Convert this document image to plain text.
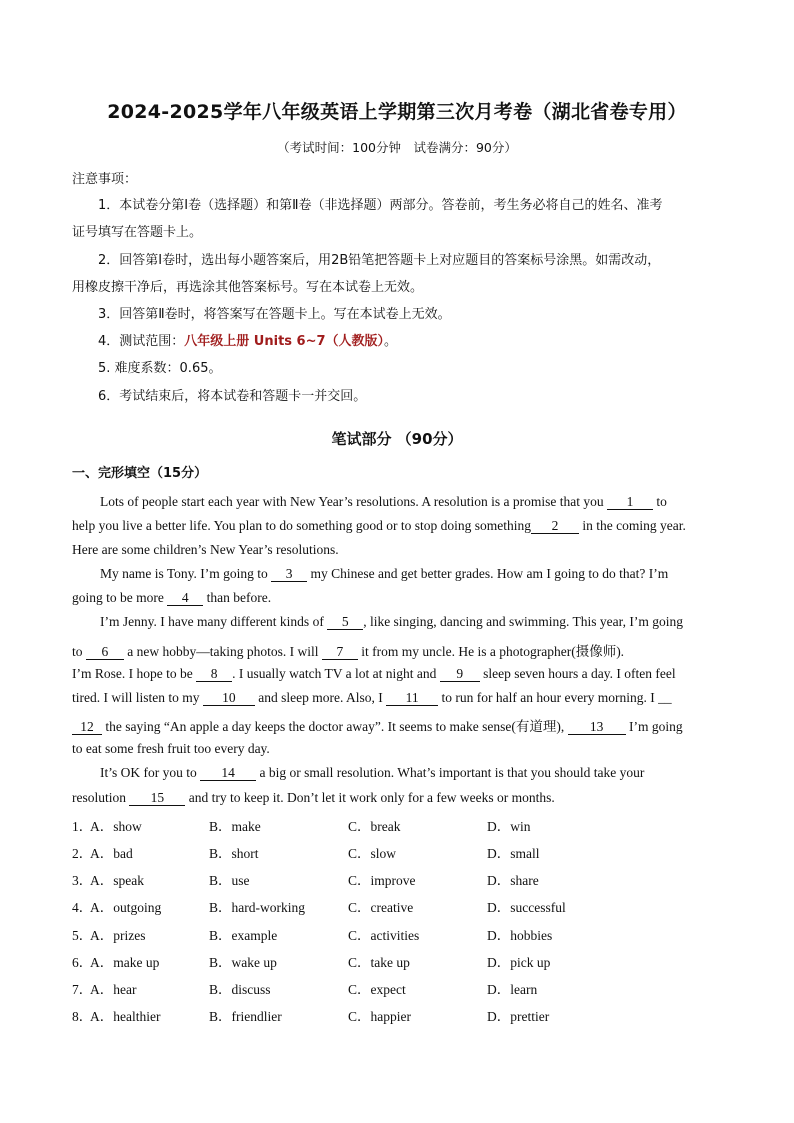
2024-2025学年八年级英语上学期第三次月考卷（湖北省卷专用）
（考试时间：100分钟　试卷满分：90分）
注意事项：
1．本试卷分第Ⅰ卷（选择题）和第Ⅱ卷（非选择题）两部分。答卷前，考生务必将自己的姓名、准考
证号填写在答题卡上。
2．回答第Ⅰ卷时，选出每小题答案后，用2B铅笔把答题卡上对应题目的答案标号涂黑。如需改动，
用橡皮擦干净后，再选涂其他答案标号。写在本试卷上无效。
3．回答第Ⅱ卷时，将答案写在答题卡上。写在本试卷上无效。
4．测试范围：八年级上册 Units 6~7（人教版）。
5. 难度系数：0.65。
6．考试结束后，将本试卷和答题卡一并交回。
笔试部分 （90分）
一、完形填空（15分）
Lots of people start each year with New Year’s resolutions. A resolution is a promise that you 1 to
help you live a better life. You plan to do something good or to stop doing something 2 in the coming year.
Here are some children’s New Year’s resolutions.
My name is Tony. I’m going to 3 my Chinese and get better grades. How am I going to do that? I’m
going to be more 4 than before.
I’m Jenny. I have many different kinds of 5 , like singing, dancing and swimming. This year, I’m going
to 6 a new hobby—taking photos. I will 7 it from my uncle. He is a photographer(摄像师).
I’m Rose. I hope to be 8 . I usually watch TV a lot at night and 9 sleep seven hours a day. I often feel
tired. I will listen to my 10 and sleep more. Also, I 11 to run for half an hour every morning. I __
12 the saying “An apple a day keeps the doctor away”. It seems to make sense(有道理), 13 I’m going
to eat some fresh fruit too every day.
It’s OK for you to 14 a big or small resolution. What’s important is that you should take your
resolution 15 and try to keep it. Don’t let it work only for a few weeks or months.
1．
A．show	B．make	C．break	D．win
2．
A．bad	B．short	C．slow	D．small
3．
A．speak	B．use	C．improve	D．share
4．
A．outgoing	B．hard-working	C．creative	D．successful
5．
A．prizes	B．example	C．activities	D．hobbies
6．
A．make up	B．wake up	C．take up	D．pick up
7．
A．hear	B．discuss	C．expect	D．learn
8．
A．healthier	B．friendlier	C．happier	D．prettier
